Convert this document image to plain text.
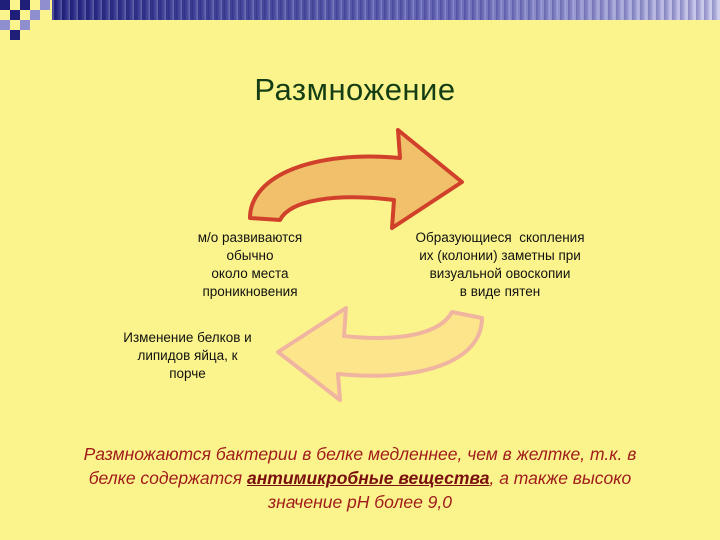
Размножение
м/о развиваются
обычно
около места
проникновения
Образующиеся  скопления
их (колонии) заметны при
визуальной овоскопии
в виде пятен
Изменение белков и
липидов яйца, к
порче
Размножаются бактерии в белке медленнее, чем в желтке, т.к. в
белке содержатся антимикробные вещества, а также высоко
значение рН более 9,0
